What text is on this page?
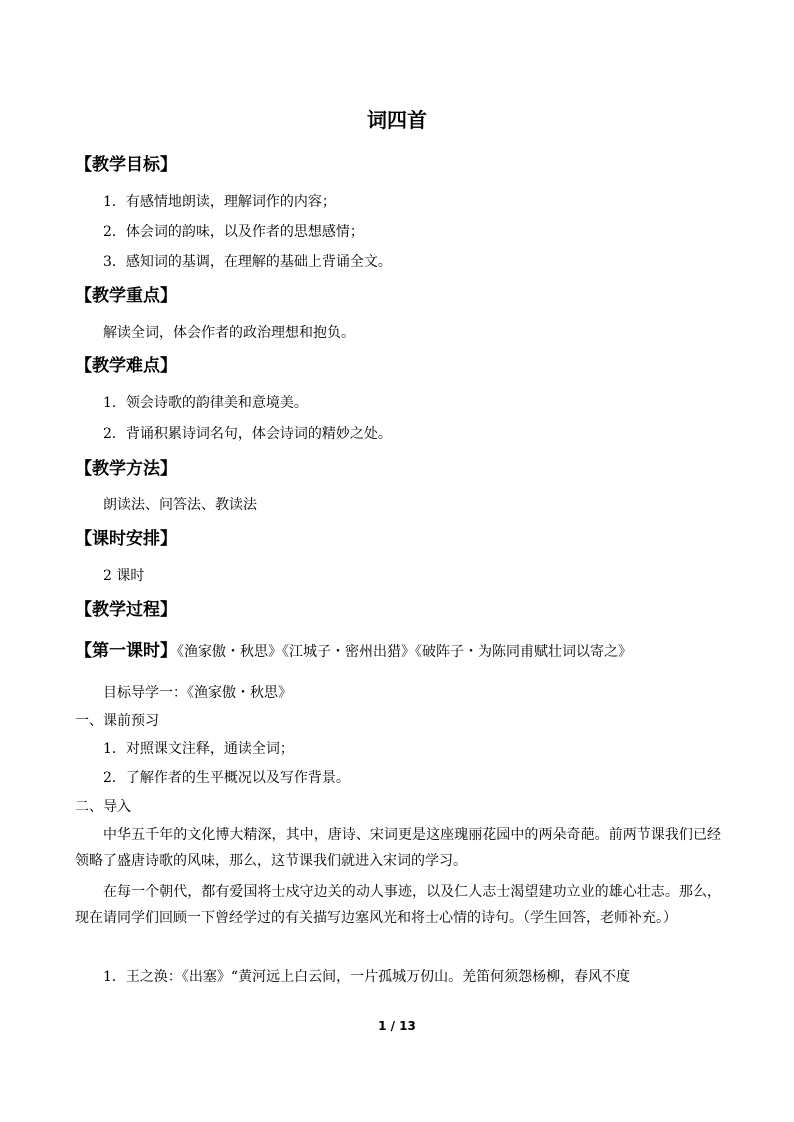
词四首
【教学目标】
1．有感情地朗读，理解词作的内容；
2．体会词的韵味，以及作者的思想感情；
3．感知词的基调，在理解的基础上背诵全文。
【教学重点】
解读全词，体会作者的政治理想和抱负。
【教学难点】
1．领会诗歌的韵律美和意境美。
2．背诵积累诗词名句，体会诗词的精妙之处。
【教学方法】
朗读法、问答法、教读法
【课时安排】
2 课时
【教学过程】
【第一课时】《渔家傲・秋思》《江城子・密州出猎》《破阵子・为陈同甫赋壮词以寄之》
目标导学一：《渔家傲・秋思》
一、课前预习
1．对照课文注释，通读全词；
2．了解作者的生平概况以及写作背景。
二、导入
中华五千年的文化博大精深，其中，唐诗、宋词更是这座瑰丽花园中的两朵奇葩。前两节课我们已经领略了盛唐诗歌的风味，那么，这节课我们就进入宋词的学习。
在每一个朝代，都有爱国将士戍守边关的动人事迹，以及仁人志士渴望建功立业的雄心壮志。那么，现在请同学们回顾一下曾经学过的有关描写边塞风光和将士心情的诗句。（学生回答，老师补充。）
1．王之涣：《出塞》“黄河远上白云间，一片孤城万仞山。羌笛何须怨杨柳，春风不度
1 / 13
